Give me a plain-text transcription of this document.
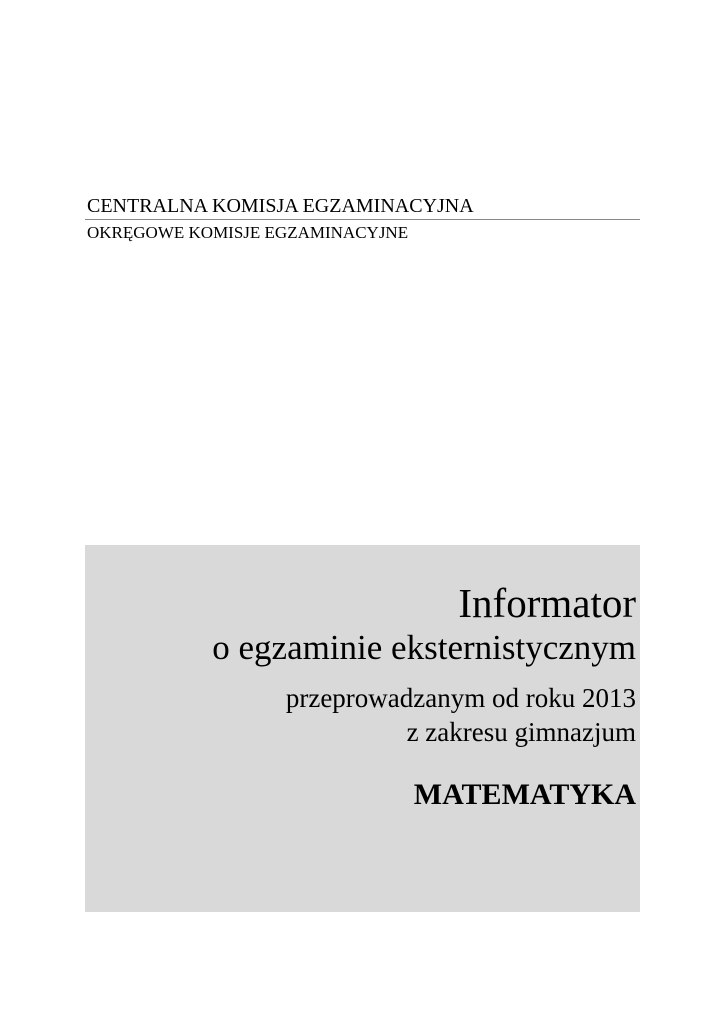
CENTRALNA KOMISJA EGZAMINACYJNA
OKRĘGOWE KOMISJE EGZAMINACYJNE
Informator
o egzaminie eksternistycznym
przeprowadzanym od roku 2013
z zakresu gimnazjum
MATEMATYKA
